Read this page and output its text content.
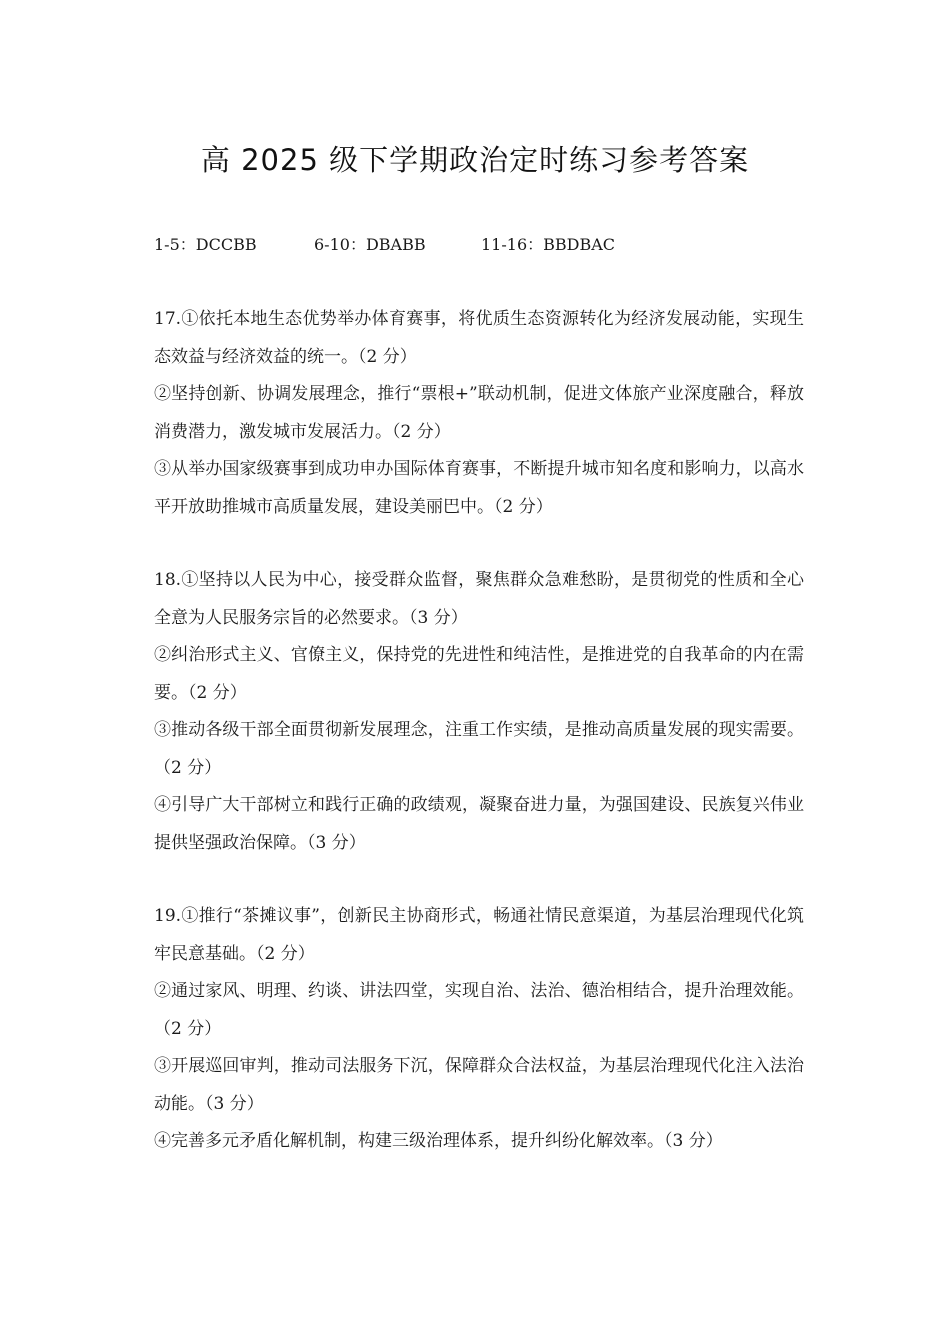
高 2025 级下学期政治定时练习参考答案
1-5：DCCBB	6-10：DBABB	11-16：BBDBAC

17.①依托本地生态优势举办体育赛事，将优质生态资源转化为经济发展动能，实现生态效益与经济效益的统一。（2 分）

②坚持创新、协调发展理念，推行“票根+”联动机制，促进文体旅产业深度融合，释放消费潜力，激发城市发展活力。（2 分）

③从举办国家级赛事到成功申办国际体育赛事，不断提升城市知名度和影响力，以高水平开放助推城市高质量发展，建设美丽巴中。（2 分）

18.①坚持以人民为中心，接受群众监督，聚焦群众急难愁盼，是贯彻党的性质和全心全意为人民服务宗旨的必然要求。（3 分）

②纠治形式主义、官僚主义，保持党的先进性和纯洁性，是推进党的自我革命的内在需要。（2 分）

③推动各级干部全面贯彻新发展理念，注重工作实绩，是推动高质量发展的现实需要。（2 分）

④引导广大干部树立和践行正确的政绩观，凝聚奋进力量，为强国建设、民族复兴伟业提供坚强政治保障。（3 分）

19.①推行“茶摊议事”，创新民主协商形式，畅通社情民意渠道，为基层治理现代化筑牢民意基础。（2 分）

②通过家风、明理、约谈、讲法四堂，实现自治、法治、德治相结合，提升治理效能。（2 分）

③开展巡回审判，推动司法服务下沉，保障群众合法权益，为基层治理现代化注入法治动能。（3 分）

④完善多元矛盾化解机制，构建三级治理体系，提升纠纷化解效率。（3 分）
